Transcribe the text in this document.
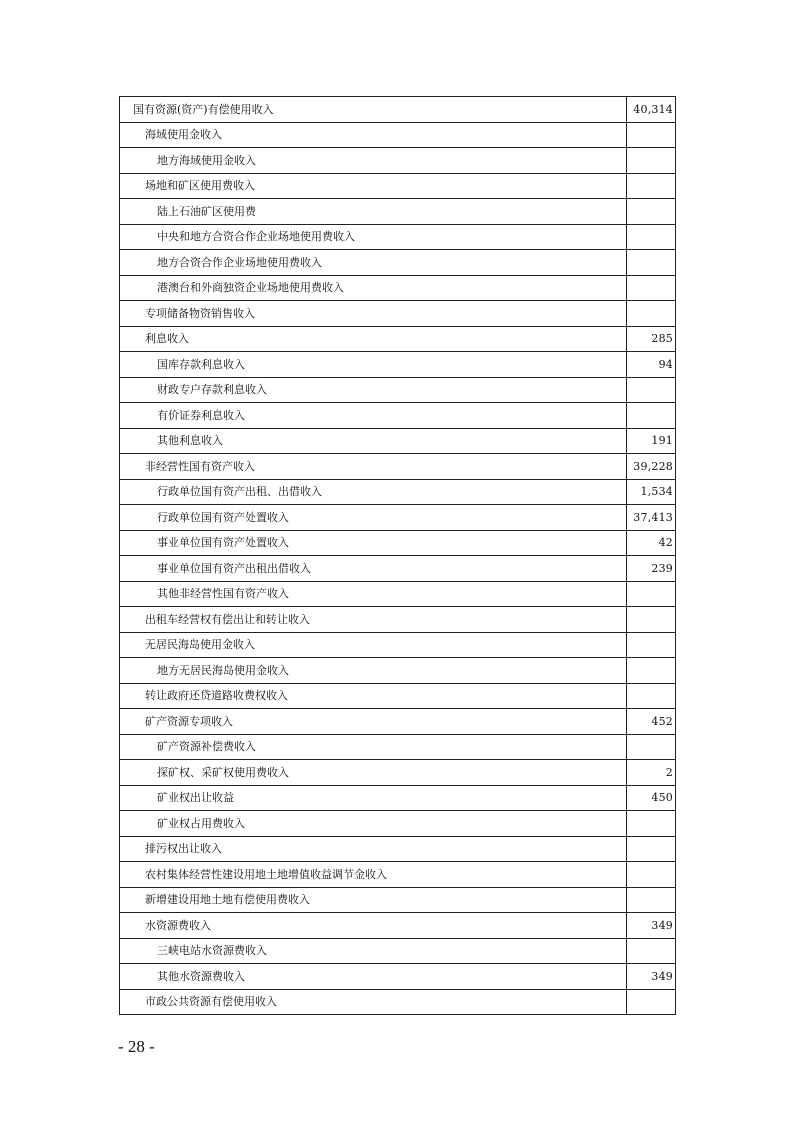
国有资源(资产)有偿使用收入	40,314
海域使用金收入	
地方海域使用金收入	
场地和矿区使用费收入	
陆上石油矿区使用费	
中央和地方合资合作企业场地使用费收入	
地方合资合作企业场地使用费收入	
港澳台和外商独资企业场地使用费收入	
专项储备物资销售收入	
利息收入	285
国库存款利息收入	94
财政专户存款利息收入	
有价证券利息收入	
其他利息收入	191
非经营性国有资产收入	39,228
行政单位国有资产出租、出借收入	1,534
行政单位国有资产处置收入	37,413
事业单位国有资产处置收入	42
事业单位国有资产出租出借收入	239
其他非经营性国有资产收入	
出租车经营权有偿出让和转让收入	
无居民海岛使用金收入	
地方无居民海岛使用金收入	
转让政府还贷道路收费权收入	
矿产资源专项收入	452
矿产资源补偿费收入	
探矿权、采矿权使用费收入	2
矿业权出让收益	450
矿业权占用费收入	
排污权出让收入	
农村集体经营性建设用地土地增值收益调节金收入	
新增建设用地土地有偿使用费收入	
水资源费收入	349
三峡电站水资源费收入	
其他水资源费收入	349
市政公共资源有偿使用收入	
- 28 -
